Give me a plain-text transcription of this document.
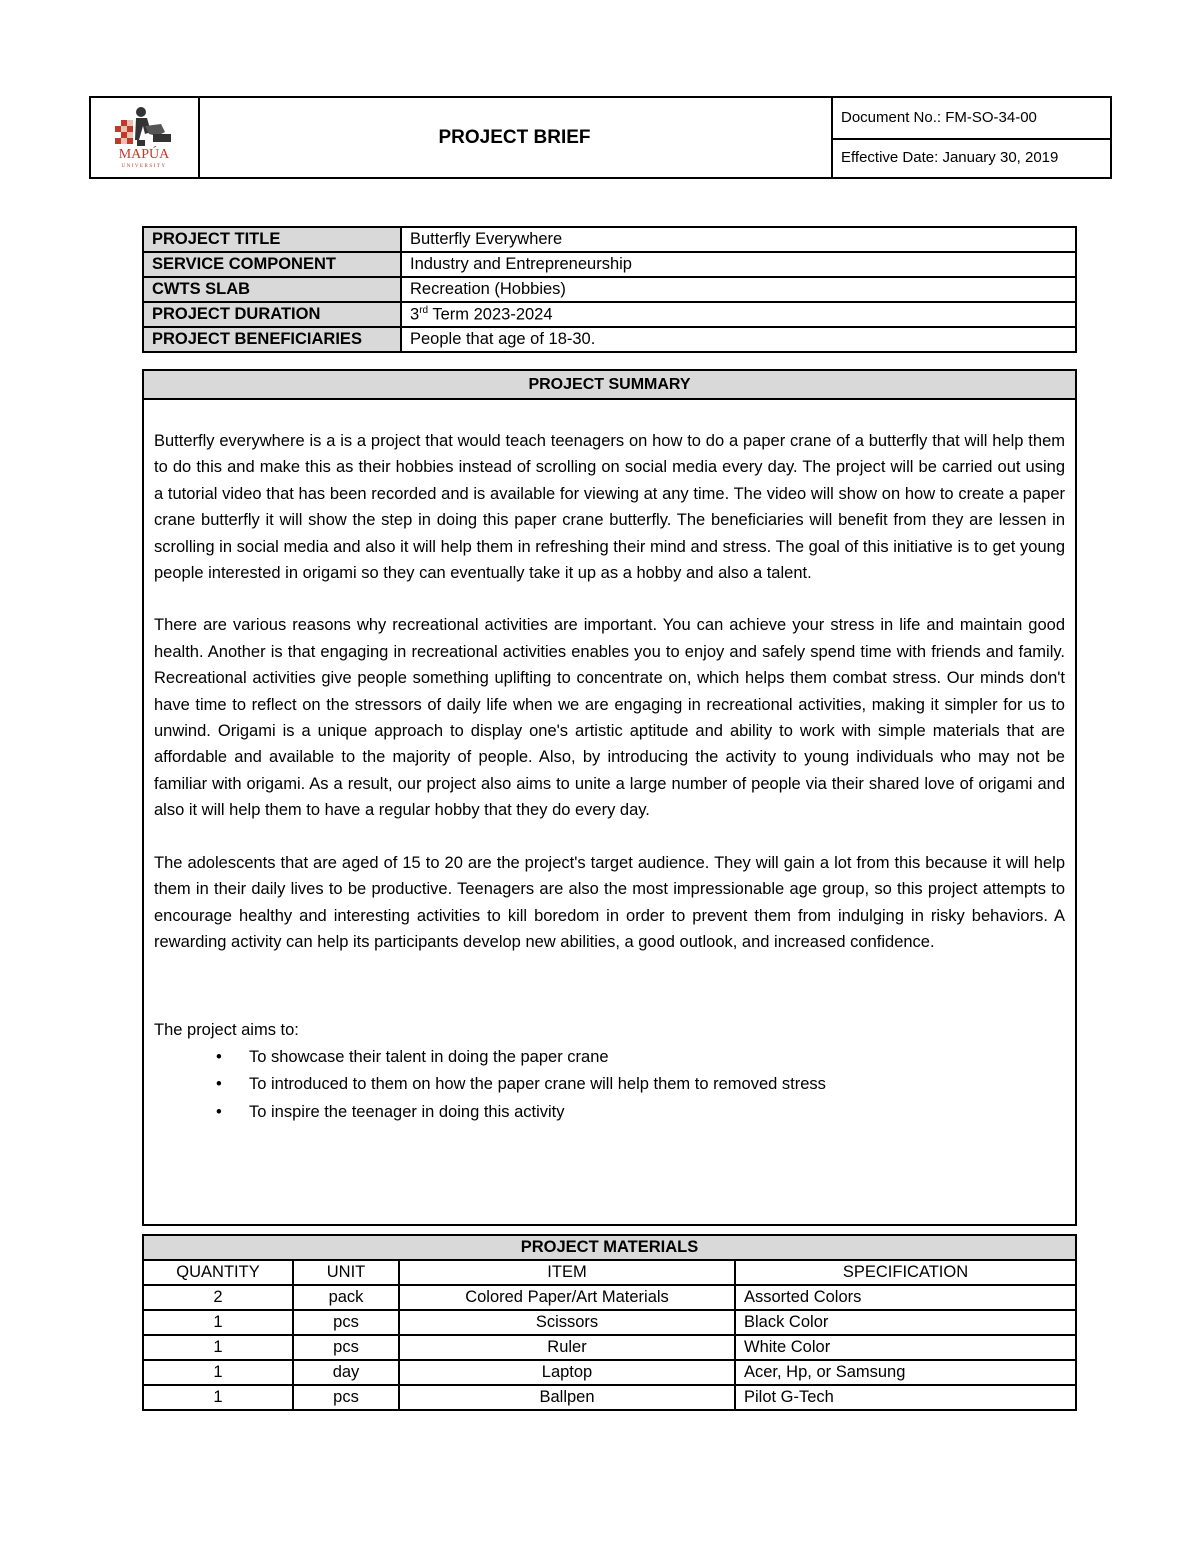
MAPÚA
UNIVERSITY
PROJECT BRIEF
Document No.: FM-SO-34-00
Effective Date: January 30, 2019
PROJECT TITLE	Butterfly Everywhere
SERVICE COMPONENT	Industry and Entrepreneurship
CWTS SLAB	Recreation (Hobbies)
PROJECT DURATION	3rd Term 2023-2024
PROJECT BENEFICIARIES	People that age of 18-30.
PROJECT SUMMARY

Butterfly everywhere is a is a project that would teach teenagers on how to do a paper crane of a butterfly that will help them to do this and make this as their hobbies instead of scrolling on social media every day. The project will be carried out using a tutorial video that has been recorded and is available for viewing at any time. The video will show on how to create a paper crane butterfly it will show the step in doing this paper crane butterfly. The beneficiaries will benefit from they are lessen in scrolling in social media and also it will help them in refreshing their mind and stress. The goal of this initiative is to get young people interested in origami so they can eventually take it up as a hobby and also a talent.

There are various reasons why recreational activities are important. You can achieve your stress in life and maintain good health. Another is that engaging in recreational activities enables you to enjoy and safely spend time with friends and family. Recreational activities give people something uplifting to concentrate on, which helps them combat stress. Our minds don't have time to reflect on the stressors of daily life when we are engaging in recreational activities, making it simpler for us to unwind. Origami is a unique approach to display one's artistic aptitude and ability to work with simple materials that are affordable and available to the majority of people. Also, by introducing the activity to young individuals who may not be familiar with origami. As a result, our project also aims to unite a large number of people via their shared love of origami and also it will help them to have a regular hobby that they do every day.

The adolescents that are aged of 15 to 20 are the project's target audience. They will gain a lot from this because it will help them in their daily lives to be productive. Teenagers are also the most impressionable age group, so this project attempts to encourage healthy and interesting activities to kill boredom in order to prevent them from indulging in risky behaviors. A rewarding activity can help its participants develop new abilities, a good outlook, and increased confidence.

The project aims to:
• To showcase their talent in doing the paper crane
• To introduced to them on how the paper crane will help them to removed stress
• To inspire the teenager in doing this activity
PROJECT MATERIALS			
QUANTITY	UNIT	ITEM	SPECIFICATION
2	pack	Colored Paper/Art Materials	Assorted Colors
1	pcs	Scissors	Black Color
1	pcs	Ruler	White Color
1	day	Laptop	Acer, Hp, or Samsung
1	pcs	Ballpen	Pilot G-Tech
